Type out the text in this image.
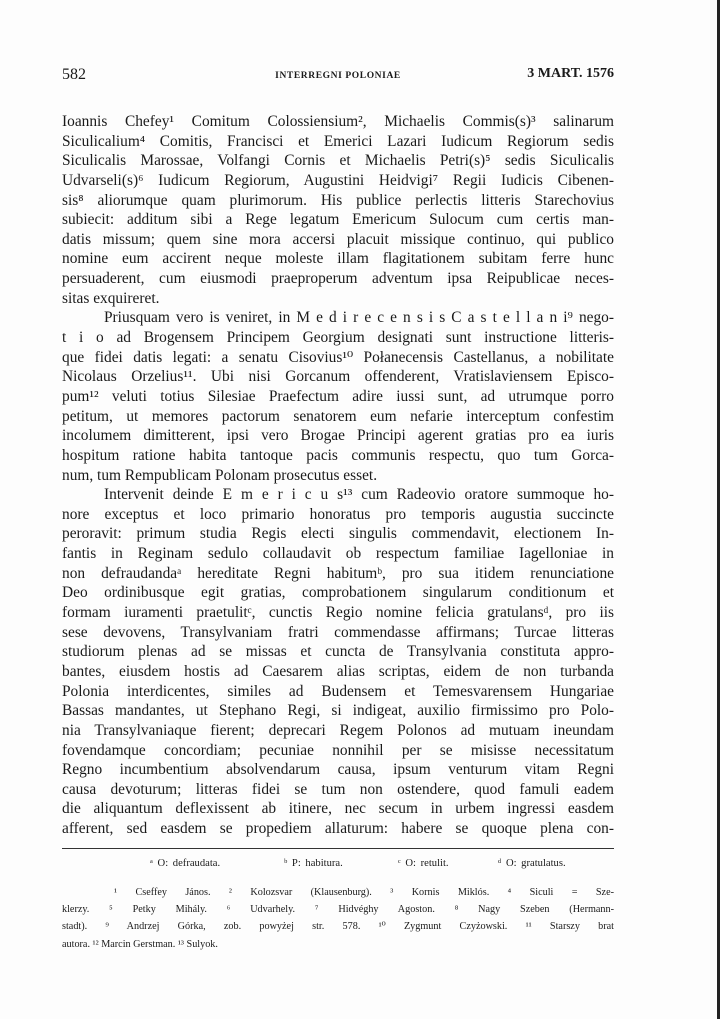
582	INTERREGNI POLONIAE	3 MART. 1576
Ioannis Chefey¹ Comitum Colossiensium², Michaelis Commis(s)³ salinarum
Siculicalium⁴ Comitis, Francisci et Emerici Lazari Iudicum Regiorum sedis
Siculicalis Marossae, Volfangi Cornis et Michaelis Petri(s)⁵ sedis Siculicalis
Udvarseli(s)⁶ Iudicum Regiorum, Augustini Heidvigi⁷ Regii Iudicis Cibenen-
sis⁸ aliorumque quam plurimorum. His publice perlectis litteris Starechovius
subiecit: additum sibi a Rege legatum Emericum Sulocum cum certis man-
datis missum; quem sine mora accersi placuit missique continuo, qui publico
nomine eum accirent neque moleste illam flagitationem subitam ferre hunc
persuaderent, cum eiusmodi praeproperum adventum ipsa Reipublicae neces-
sitas exquireret.
Priusquam vero is veniret, in M e d i r e c e n s i s C a s t e l l a n i⁹ nego-
t i o ad Brogensem Principem Georgium designati sunt instructione litteris-
que fidei datis legati: a senatu Cisovius¹⁰ Połanecensis Castellanus, a nobilitate
Nicolaus Orzelius¹¹. Ubi nisi Gorcanum offenderent, Vratislaviensem Episco-
pum¹² veluti totius Silesiae Praefectum adire iussi sunt, ad utrumque porro
petitum, ut memores pactorum senatorem eum nefarie interceptum confestim
incolumem dimitterent, ipsi vero Brogae Principi agerent gratias pro ea iuris
hospitum ratione habita tantoque pacis communis respectu, quo tum Gorca-
num, tum Rempublicam Polonam prosecutus esset.
Intervenit deinde E m e r i c u s¹³ cum Radeovio oratore summoque ho-
nore exceptus et loco primario honoratus pro temporis augustia succincte
peroravit: primum studia Regis electi singulis commendavit, electionem In-
fantis in Reginam sedulo collaudavit ob respectum familiae Iagelloniae in
non defraudandaᵃ hereditate Regni habitumᵇ, pro sua itidem renunciatione
Deo ordinibusque egit gratias, comprobationem singularum conditionum et
formam iuramenti praetulitᶜ, cunctis Regio nomine felicia gratulansᵈ, pro iis
sese devovens, Transylvaniam fratri commendasse affirmans; Turcae litteras
studiorum plenas ad se missas et cuncta de Transylvania constituta appro-
bantes, eiusdem hostis ad Caesarem alias scriptas, eidem de non turbanda
Polonia interdicentes, similes ad Budensem et Temesvarensem Hungariae
Bassas mandantes, ut Stephano Regi, si indigeat, auxilio firmissimo pro Polo-
nia Transylvaniaque fierent; deprecari Regem Polonos ad mutuam ineundam
fovendamque concordiam; pecuniae nonnihil per se misisse necessitatum
Regno incumbentium absolvendarum causa, ipsum venturum vitam Regni
causa devoturum; litteras fidei se tum non ostendere, quod famuli eadem
die aliquantum deflexissent ab itinere, nec secum in urbem ingressi easdem
afferent, sed easdem se propediem allaturum: habere se quoque plena con-
ᵃ O: defraudata.	ᵇ P: habitura.	ᶜ O: retulit.	ᵈ O: gratulatus.
¹ Cseffey János. ² Kolozsvar (Klausenburg). ³ Kornis Miklós. ⁴ Siculi = Sze-
klerzy. ⁵ Petky Mihály. ⁶ Udvarhely. ⁷ Hidvéghy Agoston. ⁸ Nagy Szeben (Hermann-
stadt). ⁹ Andrzej Górka, zob. powyżej str. 578. ¹⁰ Zygmunt Czyżowski. ¹¹ Starszy brat
autora. ¹² Marcin Gerstman. ¹³ Sulyok.
